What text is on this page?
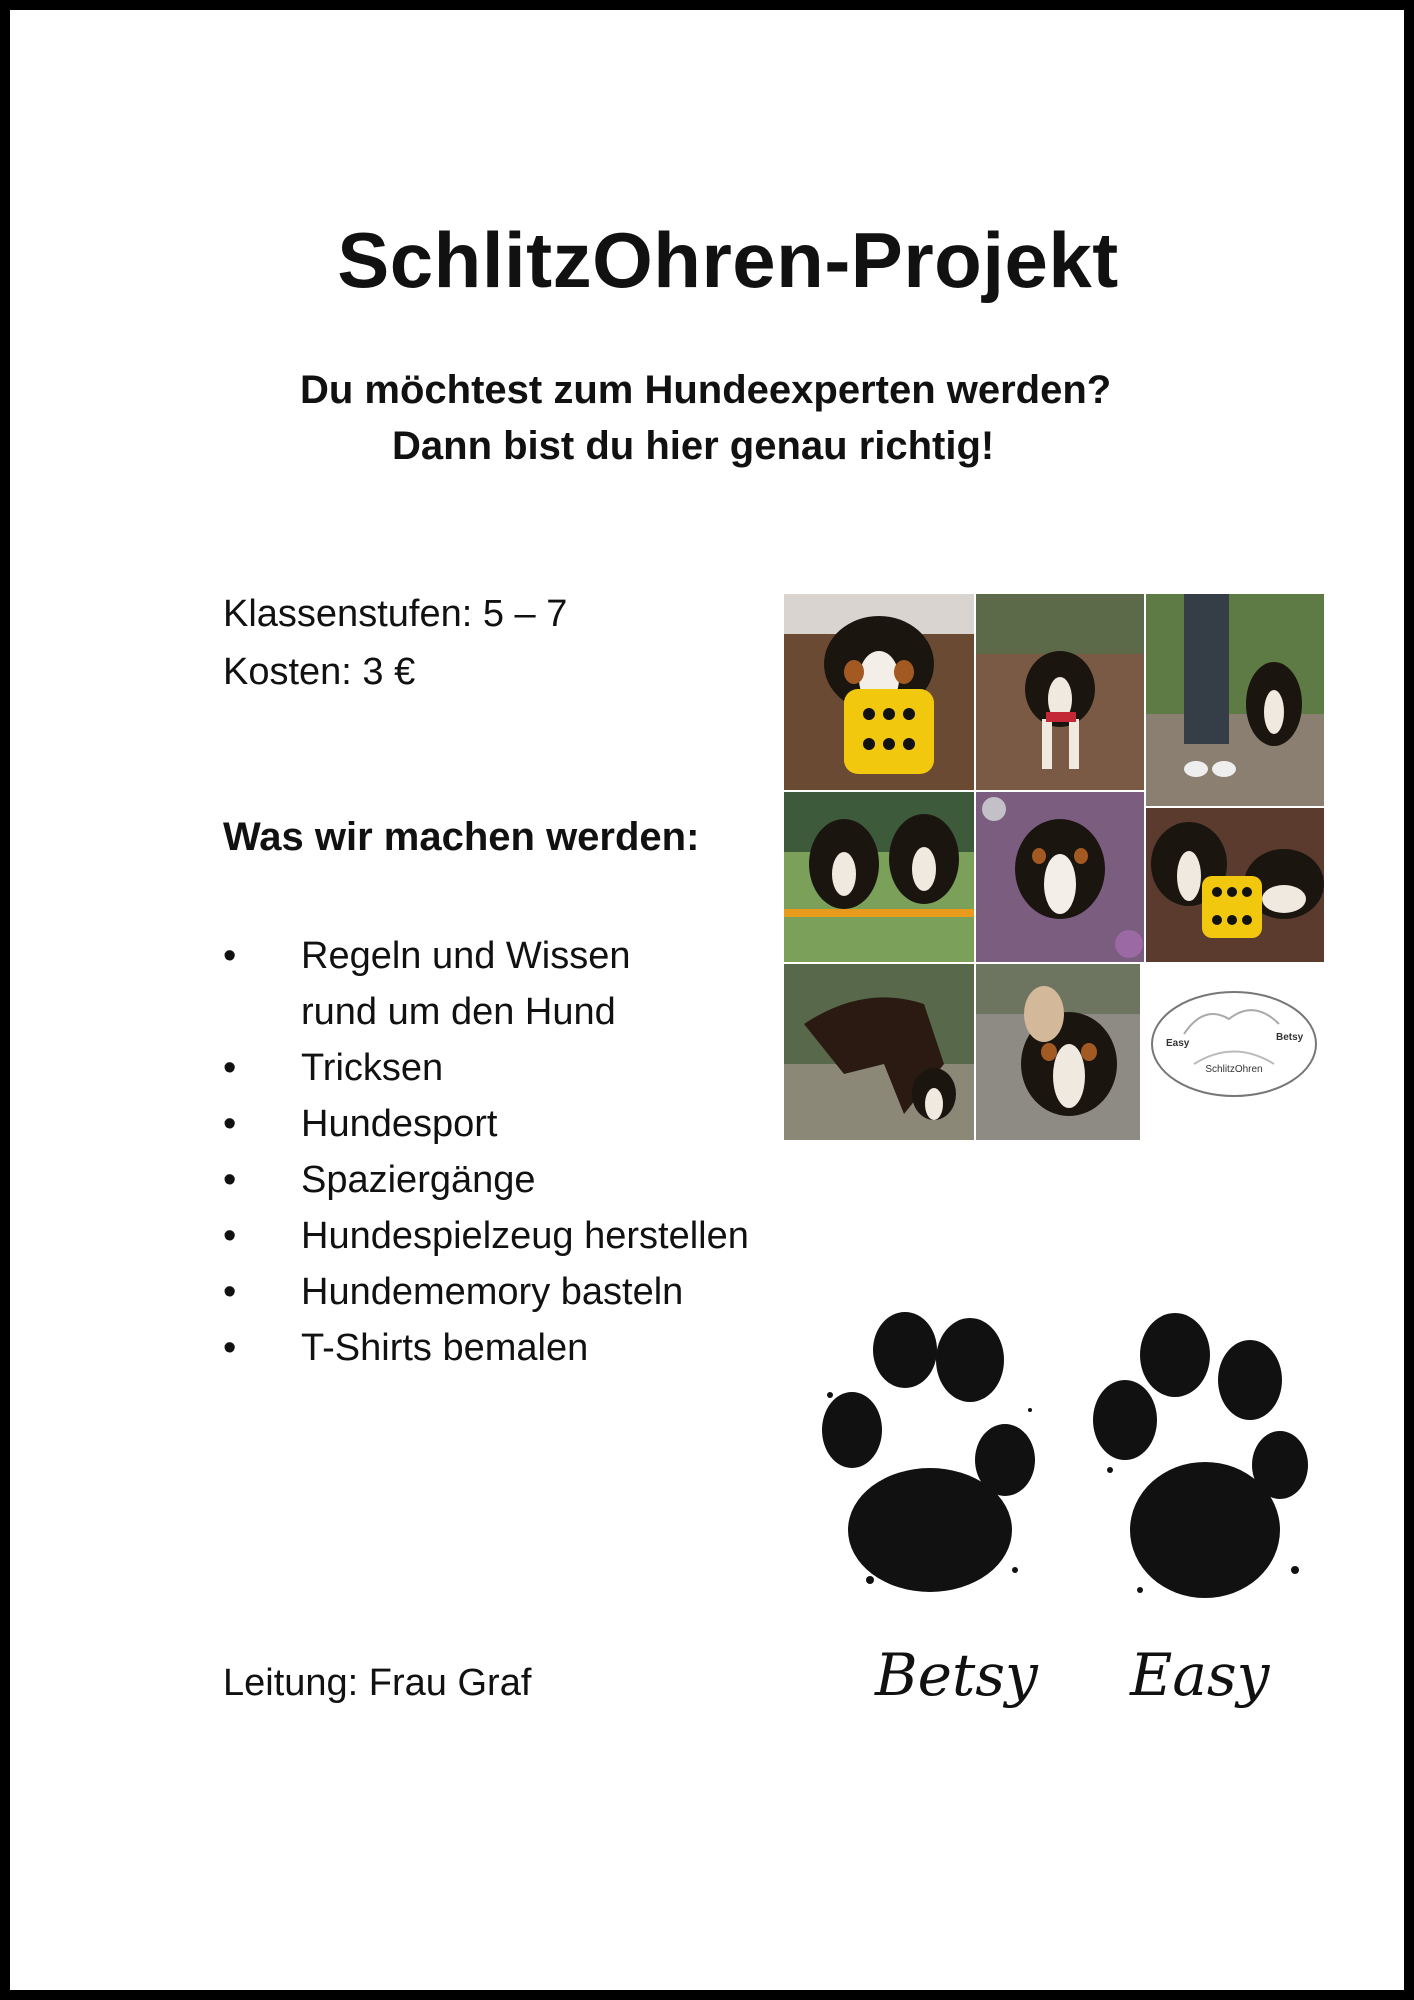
SchlitzOhren-Projekt
Du möchtest zum Hundeexperten werden?
Dann bist du hier genau richtig!
Klassenstufen: 5 – 7
Kosten: 3 €
Was wir machen werden:
• Regeln und Wissen
rund um den Hund
• Tricksen
• Hundesport
• Spaziergänge
• Hundespielzeug herstellen
• Hundememory basteln
• T-Shirts bemalen
Easy
Betsy
SchlitzOhren
Betsy Easy
Leitung: Frau Graf
